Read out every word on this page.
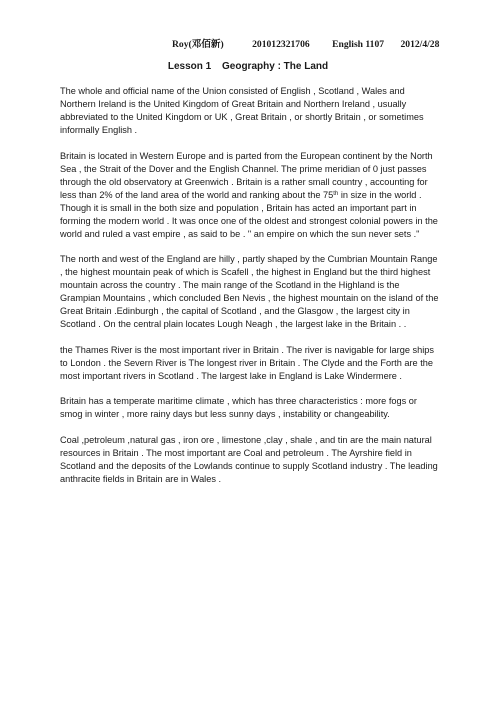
Roy(邓佰新)	201012321706 English 1107 2012/4/28
Lesson 1 Geography : The Land

The whole and official name of the Union consisted of English , Scotland , Wales and Northern Ireland is the United Kingdom of Great Britain and Northern Ireland , usually abbreviated to the United Kingdom or UK , Great Britain , or shortly Britain , or sometimes informally English .

Britain is located in Western Europe and is parted from the European continent by the North Sea , the Strait of the Dover and the English Channel. The prime meridian of 0 just passes through the old observatory at Greenwich . Britain is a rather small country , accounting for less than 2% of the land area of the world and ranking about the 75th in size in the world . Though it is small in the both size and population , Britain has acted an important part in forming the modern world . It was once one of the oldest and strongest colonial powers in the world and ruled a vast empire , as said to be . " an empire on which the sun never sets ."

The north and west of the England are hilly , partly shaped by the Cumbrian Mountain Range , the highest mountain peak of which is Scafell , the highest in England but the third highest mountain across the country . The main range of the Scotland in the Highland is the Grampian Mountains , which concluded Ben Nevis , the highest mountain on the island of the Great Britain .Edinburgh , the capital of Scotland , and the Glasgow , the largest city in Scotland . On the central plain locates Lough Neagh , the largest lake in the Britain . .

the Thames River is the most important river in Britain . The river is navigable for large ships to London . the Severn River is The longest river in Britain . The Clyde and the Forth are the most important rivers in Scotland . The largest lake in England is Lake Windermere .

Britain has a temperate maritime climate , which has three characteristics : more fogs or smog in winter , more rainy days but less sunny days , instability or changeability.

Coal ,petroleum ,natural gas , iron ore , limestone ,clay , shale , and tin are the main natural resources in Britain . The most important are Coal and petroleum . The Ayrshire field in Scotland and the deposits of the Lowlands continue to supply Scotland industry . The leading anthracite fields in Britain are in Wales .
